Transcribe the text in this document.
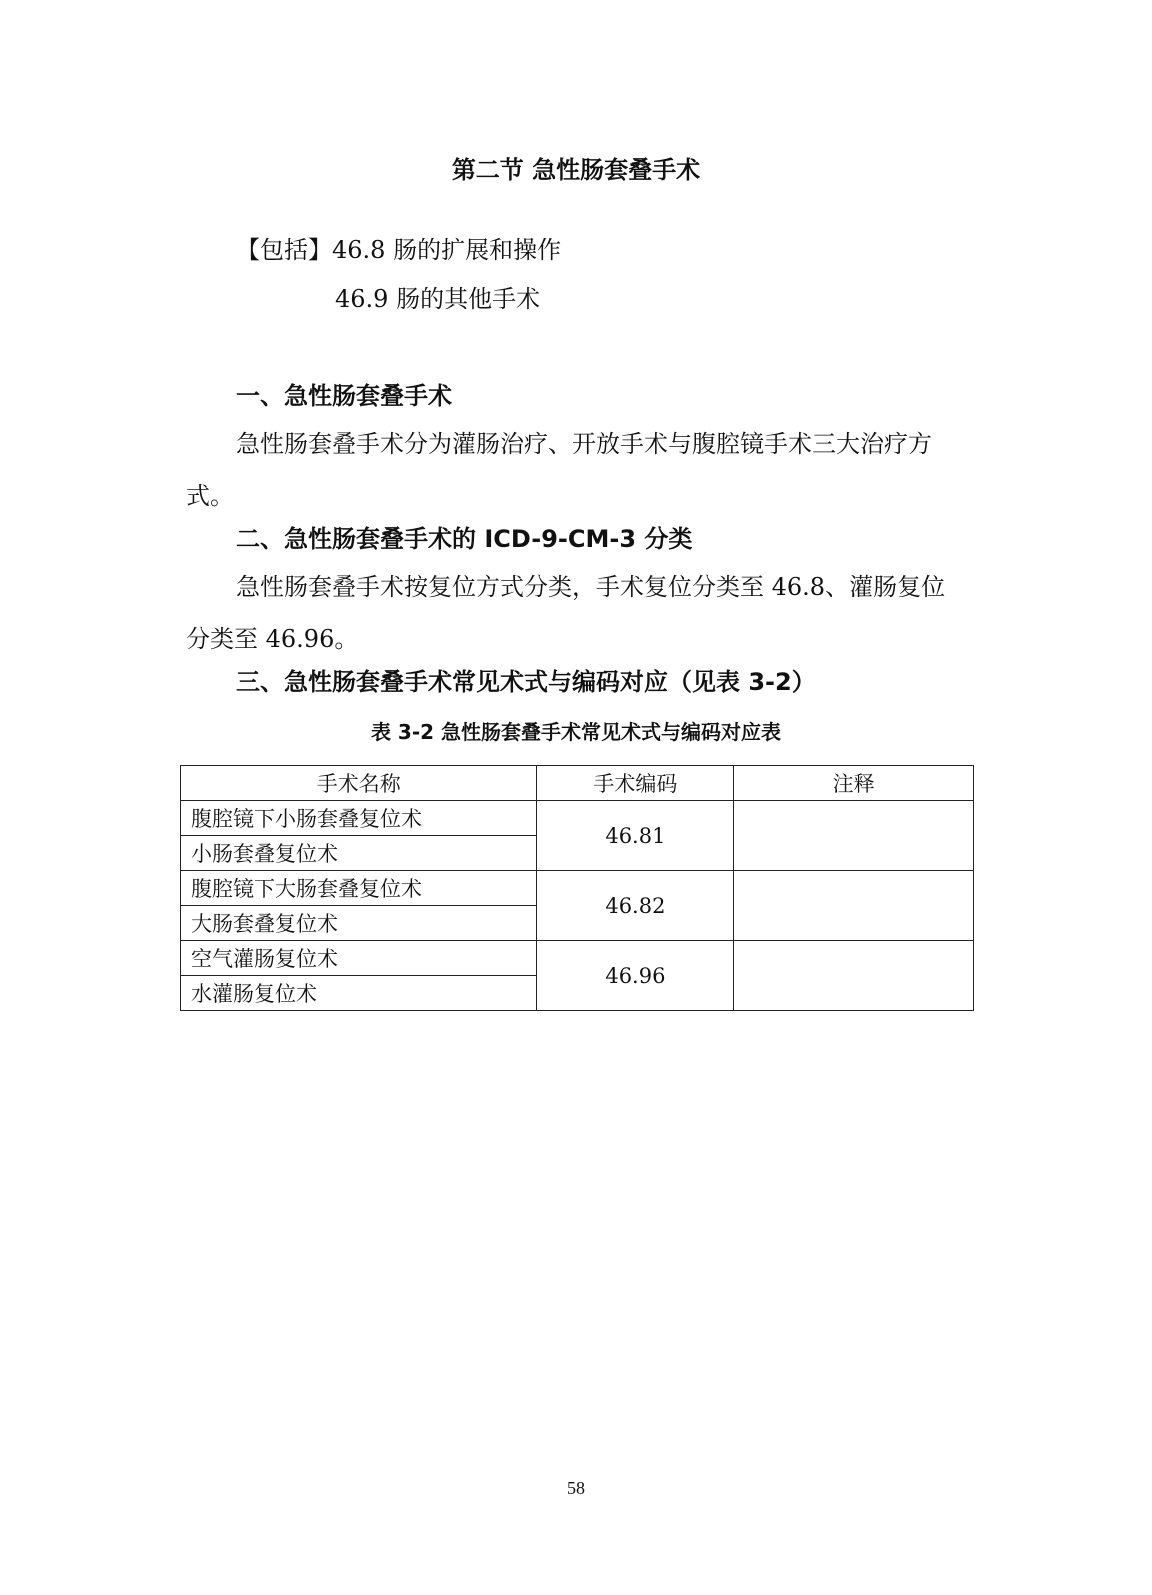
第二节 急性肠套叠手术
【包括】46.8 肠的扩展和操作
46.9 肠的其他手术
一、急性肠套叠手术
急性肠套叠手术分为灌肠治疗、开放手术与腹腔镜手术三大治疗方式。
二、急性肠套叠手术的 ICD-9-CM-3 分类
急性肠套叠手术按复位方式分类，手术复位分类至 46.8、灌肠复位分类至 46.96。
三、急性肠套叠手术常见术式与编码对应（见表 3-2）
表 3-2 急性肠套叠手术常见术式与编码对应表
手术名称	手术编码	注释
腹腔镜下小肠套叠复位术	46.81	
小肠套叠复位术		
腹腔镜下大肠套叠复位术	46.82	
大肠套叠复位术		
空气灌肠复位术	46.96	
水灌肠复位术		
58
